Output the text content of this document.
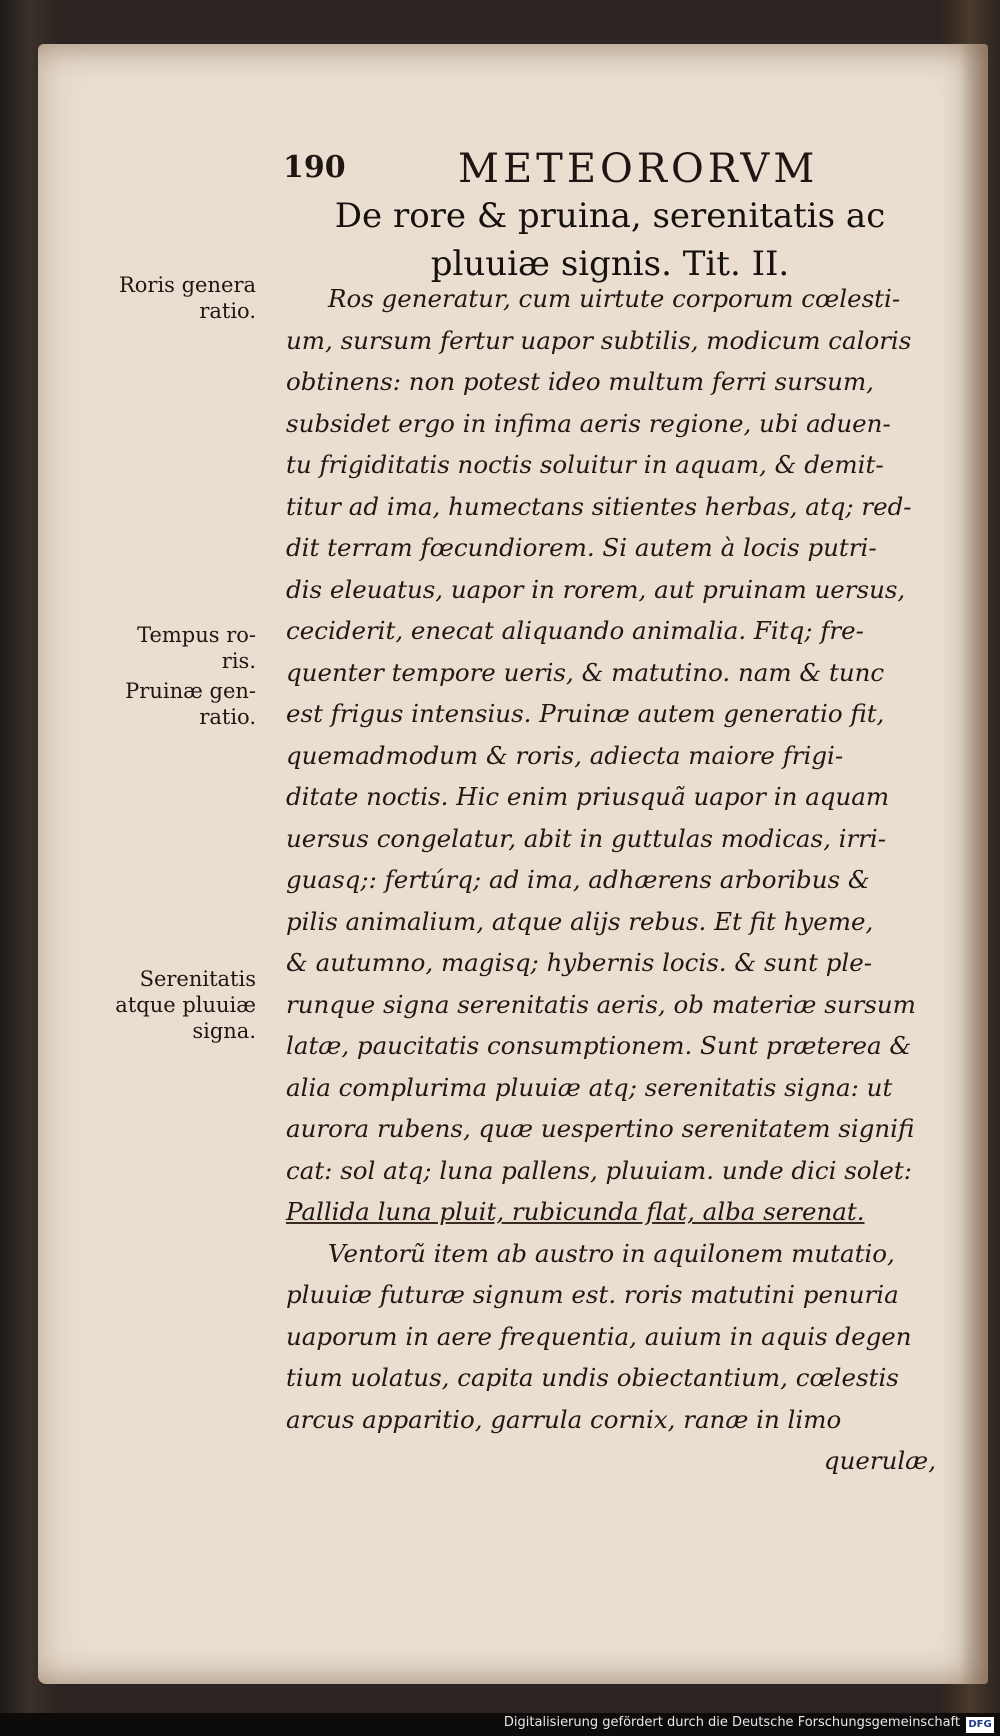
190	METEORORVM
De rore & pruina, serenitatis ac
pluuiæ signis. Tit. II.
Roris genera
ratio.
Tempus ro-
ris.
Pruinæ gen-
ratio.
Serenitatis
atque pluuiæ
signa.
Ros generatur, cum uirtute corporum cœlesti-
um, sursum fertur uapor subtilis, modicum caloris
obtinens: non potest ideo multum ferri sursum,
subsidet ergo in infima aeris regione, ubi aduen-
tu frigiditatis noctis soluitur in aquam, & demit-
titur ad ima, humectans sitientes herbas, atq; red-
dit terram fœcundiorem. Si autem à locis putri-
dis eleuatus, uapor in rorem, aut pruinam uersus,
ceciderit, enecat aliquando animalia. Fitq; fre-
quenter tempore ueris, & matutino. nam & tunc
est frigus intensius. Pruinæ autem generatio fit,
quemadmodum & roris, adiecta maiore frigi-
ditate noctis. Hic enim priusquã uapor in aquam
uersus congelatur, abit in guttulas modicas, irri-
guasq;: fertúrq; ad ima, adhærens arboribus &
pilis animalium, atque alijs rebus. Et fit hyeme,
& autumno, magisq; hybernis locis. & sunt ple-
runque signa serenitatis aeris, ob materiæ sursum
latæ, paucitatis consumptionem. Sunt præterea &
alia complurima pluuiæ atq; serenitatis signa: ut
aurora rubens, quæ uespertino serenitatem signifi
cat: sol atq; luna pallens, pluuiam. unde dici solet:
Pallida luna pluit, rubicunda flat, alba serenat.
Ventorũ item ab austro in aquilonem mutatio,
pluuiæ futuræ signum est. roris matutini penuria
uaporum in aere frequentia, auium in aquis degen
tium uolatus, capita undis obiectantium, cœlestis
arcus apparitio, garrula cornix, ranæ in limo
querulæ,
Digitalisierung gefördert durch die Deutsche Forschungsgemeinschaft DFG
